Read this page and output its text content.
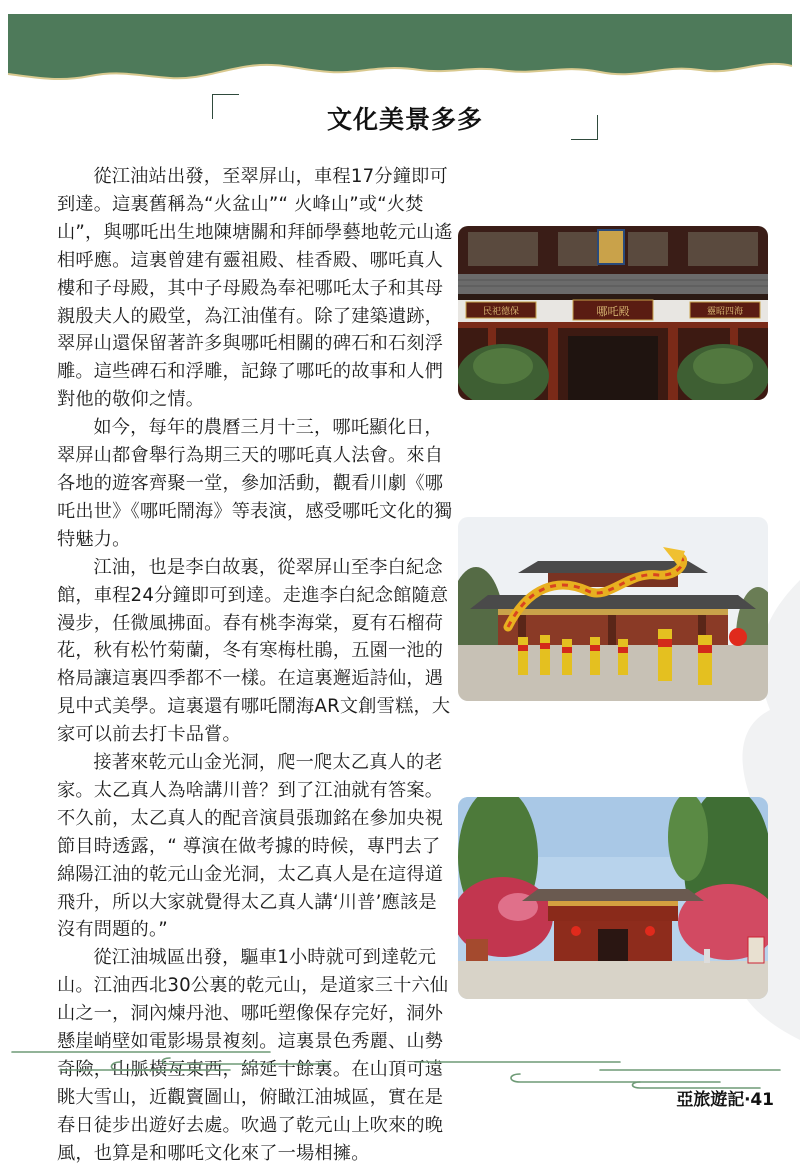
文化美景多多

從江油站出發，至翠屏山，車程17分鐘即可到達。這裏舊稱為“火盆山”“ 火峰山”或“火焚山”，與哪吒出生地陳塘關和拜師學藝地乾元山遙相呼應。這裏曾建有靈祖殿、桂香殿、哪吒真人樓和子母殿，其中子母殿為奉祀哪吒太子和其母親殷夫人的殿堂，為江油僅有。除了建築遺跡，翠屏山還保留著許多與哪吒相關的碑石和石刻浮雕。這些碑石和浮雕，記錄了哪吒的故事和人們對他的敬仰之情。

如今，每年的農曆三月十三，哪吒顯化日，翠屏山都會舉行為期三天的哪吒真人法會。來自各地的遊客齊聚一堂，參加活動，觀看川劇《哪吒出世》《哪吒鬧海》等表演，感受哪吒文化的獨特魅力。

江油，也是李白故裏，從翠屏山至李白紀念館，車程24分鐘即可到達。走進李白紀念館隨意漫步，任微風拂面。春有桃李海棠，夏有石榴荷花，秋有松竹菊蘭，冬有寒梅杜鵑，五園一池的格局讓這裏四季都不一樣。在這裏邂逅詩仙，遇見中式美學。這裏還有哪吒鬧海AR文創雪糕，大家可以前去打卡品嘗。

接著來乾元山金光洞，爬一爬太乙真人的老家。太乙真人為啥講川普？到了江油就有答案。不久前，太乙真人的配音演員張珈銘在參加央視節目時透露，“ 導演在做考據的時候，專門去了綿陽江油的乾元山金光洞，太乙真人是在這得道飛升，所以大家就覺得太乙真人講‘川普’應該是沒有問題的。”

從江油城區出發，驅車1小時就可到達乾元山。江油西北30公裏的乾元山，是道家三十六仙山之一，洞內煉丹池、哪吒塑像保存完好，洞外懸崖峭壁如電影場景複刻。這裏景色秀麗、山勢奇險，山脈橫亙東西，綿延十餘裏。在山頂可遠眺大雪山，近觀竇圖山，俯瞰江油城區，實在是春日徒步出遊好去處。吹過了乾元山上吹來的晚風，也算是和哪吒文化來了一場相擁。

民祀德保	哪吒殿	靈昭四海
亞旅遊記‧41
